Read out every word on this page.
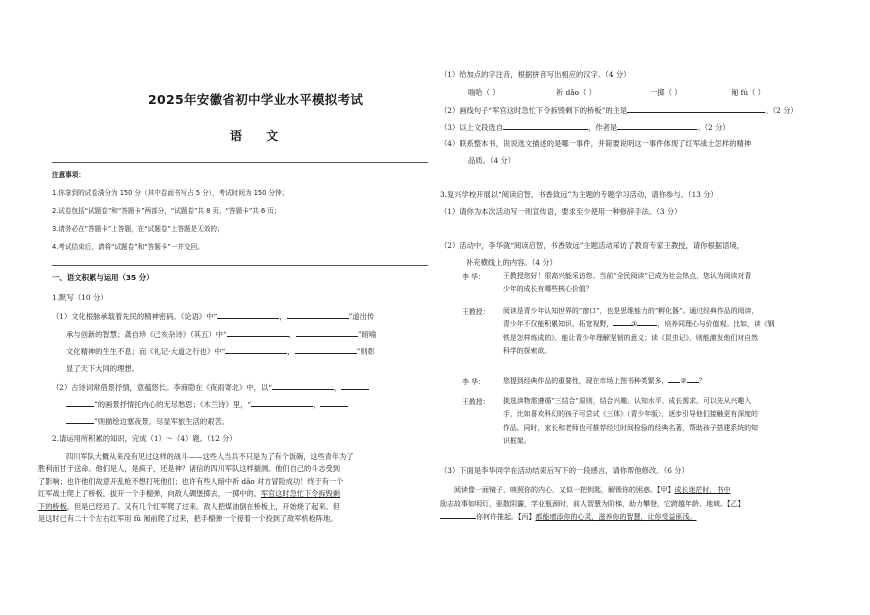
2025年安徽省初中学业水平模拟考试
语 文
注意事项：
1.你拿到的试卷满分为 150 分（其中卷面书写占 5 分），考试时间为 150 分钟；
2.试卷包括“试题卷”和“答题卡”两部分，“试题卷”共 8 页，“答题卡”共 6 页；
3.请务必在“答题卡”上答题，在“试题卷”上答题是无效的；
4.考试结束后，请将“试题卷”和“答题卡”一并交回。
一、语文积累与运用（35 分）
1.默写（10 分）
（1）文化根脉承载着先民的精神密码。《论语》中“	，	”道出传
承与创新的智慧；龚自珍《己亥杂诗》（其五）中“	，	”暗喻
文化精神的生生不息；而《礼记·大道之行也》中“	，	”则彰
显了天下大同的理想。
（2）古诗词常借景抒情，意蕴悠长。李商隐在《夜雨寄北》中，以“	，
”的画景抒情托内心的无尽愁思；《木兰诗》里，“	，
”则描绘边塞夜景，尽显军旅生活的艰苦。
2.请运用所积累的知识，完成（1）～（4）题。（12 分）
四川军队大概从来没有见过这样的战斗——这些人当兵不只是为了有个饭碗，这些青年为了
胜利而甘于送命。他们是人，是疯子，还是神？诸信的四川军队这样揣测。他们自己的斗志受到
了影响；也许他们故意开乱枪不想打死他们；也许有些人暗中祈 dǎo 对方冒险成功！终于有一个
红军战士爬上了桥板，拔开一个手榴弹，向敌人碉堡掷去，一掷中的。军官这时急忙下令拆毁剩
下的桥板，但是已经迟了。又有几个红军爬了过来。敌人把煤油倒在桥板上，开始烧了起来。但
是这时已有二十个左右红军用 fǔ 匍前爬了过来，把手榴弹一个接着一个投到了敌军机枪阵地。
（1）给加点的字注音，根据拼音写出相应的汉字。（4 分）
喘哈（ ）	祈 dǎo（ ）	一掷（ ）	匍 fú（ ）
（2）画线句子“军官这时急忙下令拆毁剩下的桥板”的主是	。（2 分）
（3）以上文段选自	，作者是	。（2 分）
（4）联系整本书，说说选文描述的是哪一事件，并简要说明这一事件体现了红军战士怎样的精神
品质。（4 分）
3.复兴学校开展以“阅读启智，书香致远”为主题的专题学习活动，请你参与。（13 分）
（1）请你为本次活动写一则宣传语，要求至少使用一种修辞手法。（3 分）
（2）活动中，李华就“阅读启智，书香致远”主题活动采访了教育专家王教授，请你根据语境，
补充横线上的内容。（4 分）
李 华：	王教授您好！很高兴能采访您。当前“全民阅读”已成为社会热点，您认为阅读对青
少年的成长有哪些核心价值？
王教授： 阅读是青少年认知世界的“窗口”，也是思维能力的“孵化器”。通过经典作品的阅读，
青少年不仅能积累知识、拓宽视野，	①	，培养同理心与价值观。比如，读《钢
铁是怎样炼成的》，能让青少年理解坚韧的意义；读《昆虫记》，则能激发他们对自然
科学的探索欲。
李 华：	您提到经典作品的重要性，现在市场上图书种类繁多， ② ？
王教授： 挑选读物需遵循“三结合”原则，结合兴趣、认知水平、成长需求。可以先从兴趣入
手，比如喜欢科幻的孩子可尝试《三体》（青少年版），逐步引导他们接触更有深度的
作品。同时，家长和老师也可推荐经过时间检验的经典名著，帮助孩子搭建系统的知
识框架。
（3）下面是李华同学在活动结束后写下的一段感言，请你帮他修改。（6 分）
阅读像一面镜子，映照你的内心，又似一把钥匙，解锁你的困惑。【甲】成长迷茫时，书中
励志故事如明灯，驱散阴霾，学业瓶颈时，前人智慧为阶梯，助力攀登，它跨越年龄、地域。【乙】
你何许推起。【丙】都能增添你的心灵，滋养你的智慧，让你受益匪浅。
